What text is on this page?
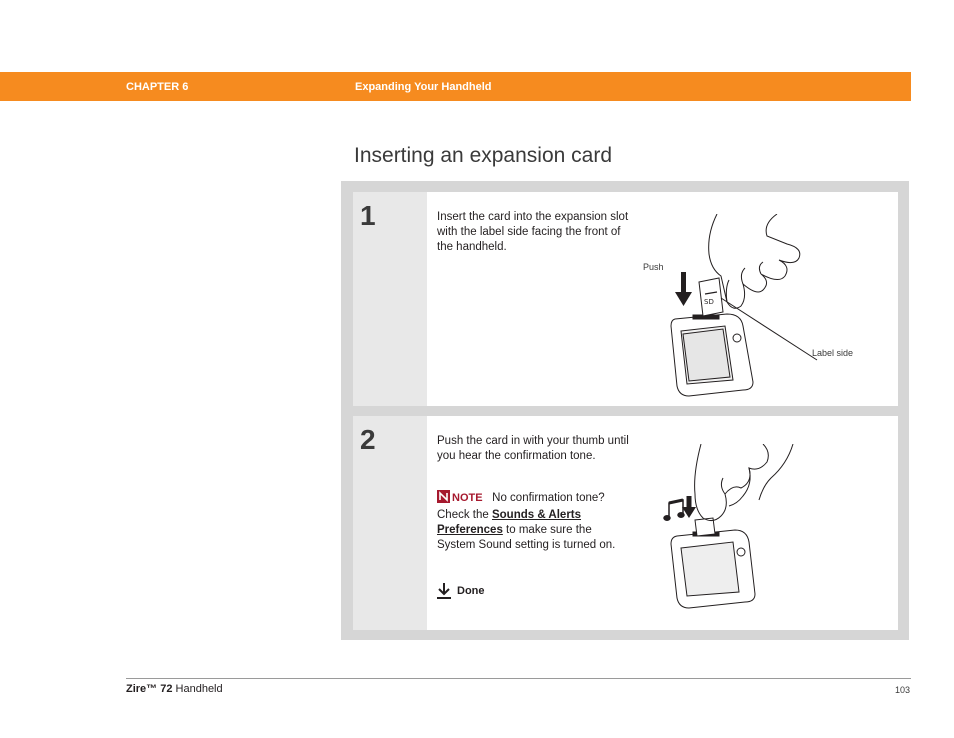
CHAPTER 6	Expanding Your Handheld
Inserting an expansion card
1	Insert the card into the expansion slot with the label side facing the front of the handheld.
Push
Label side
SD
2	Push the card in with your thumb until you hear the confirmation tone.
NOTE No confirmation tone? Check the Sounds & Alerts Preferences to make sure the System Sound setting is turned on.
Done
Zire™ 72 Handheld	103
